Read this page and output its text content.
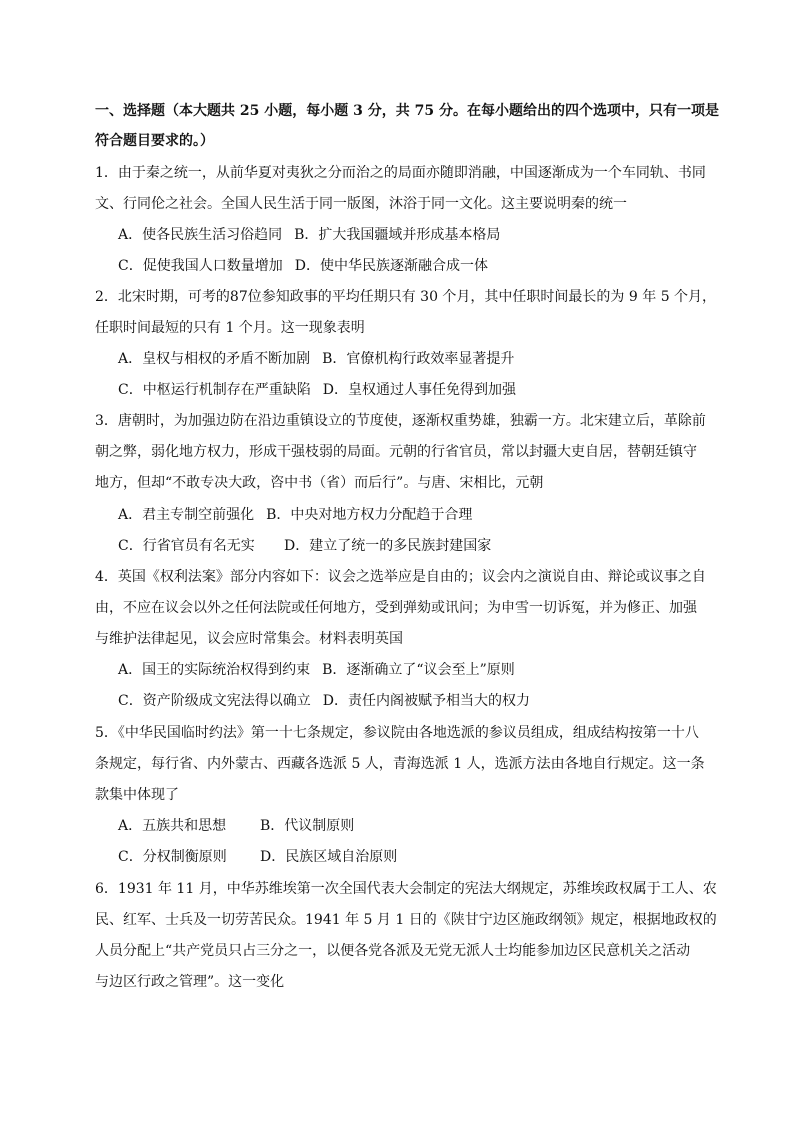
一、选择题（本大题共 25 小题，每小题 3 分，共 75 分。在每小题给出的四个选项中，只有一项是
符合题目要求的。）
1．由于秦之统一，从前华夏对夷狄之分而治之的局面亦随即消融，中国逐渐成为一个车同轨、书同
文、行同伦之社会。全国人民生活于同一版图，沐浴于同一文化。这主要说明秦的统一
A．使各民族生活习俗趋同 B．扩大我国疆域并形成基本格局
C．促使我国人口数量增加 D．使中华民族逐渐融合成一体
2．北宋时期，可考的87位参知政事的平均任期只有 30 个月，其中任职时间最长的为 9 年 5 个月，
任职时间最短的只有 1 个月。这一现象表明
A．皇权与相权的矛盾不断加剧 B．官僚机构行政效率显著提升
C．中枢运行机制存在严重缺陷 D．皇权通过人事任免得到加强
3．唐朝时，为加强边防在沿边重镇设立的节度使，逐渐权重势雄，独霸一方。北宋建立后，革除前
朝之弊，弱化地方权力，形成干强枝弱的局面。元朝的行省官员，常以封疆大吏自居，替朝廷镇守
地方，但却“不敢专决大政，咨中书（省）而后行”。与唐、宋相比，元朝
A．君主专制空前强化 B．中央对地方权力分配趋于合理
C．行省官员有名无实 D．建立了统一的多民族封建国家
4．英国《权利法案》部分内容如下：议会之选举应是自由的；议会内之演说自由、辩论或议事之自
由，不应在议会以外之任何法院或任何地方，受到弹劾或讯问；为申雪一切诉冤，并为修正、加强
与维护法律起见，议会应时常集会。材料表明英国
A．国王的实际统治权得到约束 B．逐渐确立了“议会至上”原则
C．资产阶级成文宪法得以确立 D．责任内阁被赋予相当大的权力
5．《中华民国临时约法》第一十七条规定，参议院由各地选派的参议员组成，组成结构按第一十八
条规定，每行省、内外蒙古、西藏各选派 5 人，青海选派 1 人，选派方法由各地自行规定。这一条
款集中体现了
A．五族共和思想 B．代议制原则
C．分权制衡原则 D．民族区域自治原则
6．1931 年 11 月，中华苏维埃第一次全国代表大会制定的宪法大纲规定，苏维埃政权属于工人、农
民、红军、士兵及一切劳苦民众。1941 年 5 月 1 日的《陕甘宁边区施政纲领》规定，根据地政权的
人员分配上“共产党员只占三分之一，以便各党各派及无党无派人士均能参加边区民意机关之活动
与边区行政之管理”。这一变化
